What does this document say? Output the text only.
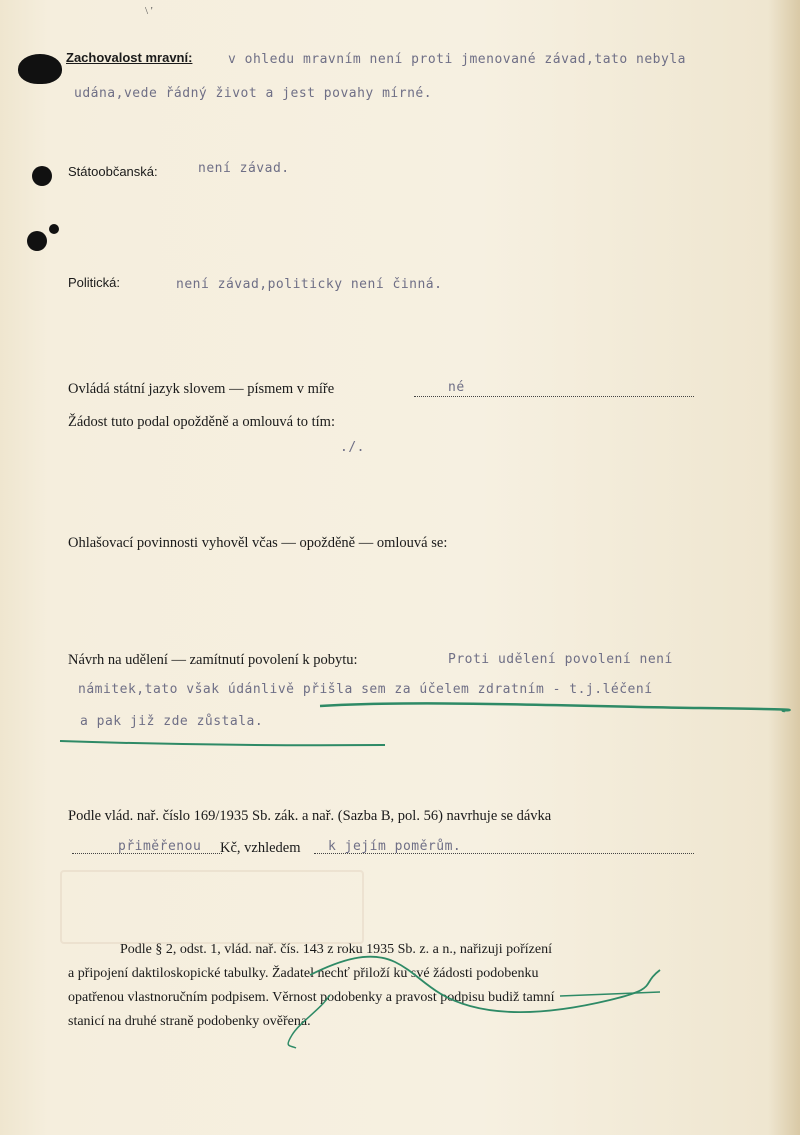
\ '
Zachovalost mravní:	v ohledu mravním není proti jmenované závad,tato nebyla
udána,vede řádný život a jest povahy mírné.
Státoobčanská:	není závad.
Politická:	není závad,politicky není činná.
Ovládá státní jazyk slovem — písmem v míře	né
Žádost tuto podal opožděně a omlouvá to tím:
./.
Ohlašovací povinnosti vyhověl včas — opožděně — omlouvá se:
Návrh na udělení — zamítnutí povolení k pobytu:	Proti udělení povolení není
námitek,tato však údánlivě přišla sem za účelem zdratním - t.j.léčení
a pak již zde zůstala.
Podle vlád. nař. číslo 169/1935 Sb. zák. a nař. (Sazba B, pol. 56) navrhuje se dávka
přiměřenou Kč, vzhledem k jejím poměrům.
Podle § 2, odst. 1, vlád. nař. čís. 143 z roku 1935 Sb. z. a n., nařizuji pořízení
a připojení daktiloskopické tabulky. Žadatel nechť přiloží ku své žádosti podobenku
opatřenou vlastnoručním podpisem. Věrnost podobenky a pravost podpisu budiž tamní
stanicí na druhé straně podobenky ověřena.
